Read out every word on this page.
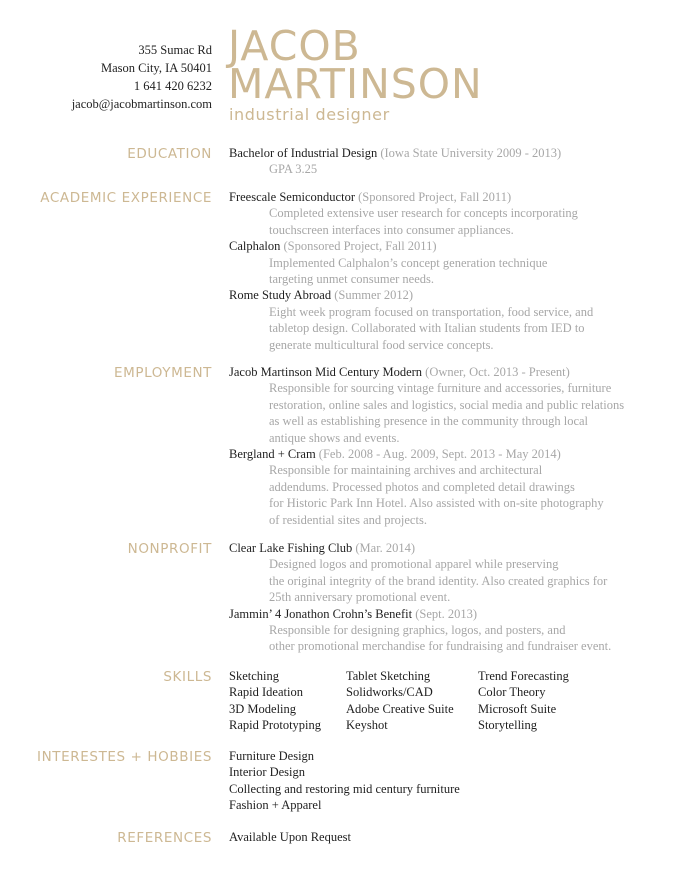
355 Sumac Rd
Mason City, IA 50401
1 641 420 6232
jacob@jacobmartinson.com
JACOB
MARTINSON
industrial designer
EDUCATION Bachelor of Industrial Design (Iowa State University 2009 - 2013)
GPA 3.25
ACADEMIC EXPERIENCE Freescale Semiconductor (Sponsored Project, Fall 2011)
Completed extensive user research for concepts incorporating
touchscreen interfaces into consumer appliances.
Calphalon (Sponsored Project, Fall 2011)
Implemented Calphalon’s concept generation technique
targeting unmet consumer needs.
Rome Study Abroad (Summer 2012)
Eight week program focused on transportation, food service, and
tabletop design. Collaborated with Italian students from IED to
generate multicultural food service concepts.
EMPLOYMENT Jacob Martinson Mid Century Modern (Owner, Oct. 2013 - Present)
Responsible for sourcing vintage furniture and accessories, furniture
restoration, online sales and logistics, social media and public relations
as well as establishing presence in the community through local
antique shows and events.
Bergland + Cram (Feb. 2008 - Aug. 2009, Sept. 2013 - May 2014)
Responsible for maintaining archives and architectural
addendums. Processed photos and completed detail drawings
for Historic Park Inn Hotel. Also assisted with on-site photography
of residential sites and projects.
NONPROFIT Clear Lake Fishing Club (Mar. 2014)
Designed logos and promotional apparel while preserving
the original integrity of the brand identity. Also created graphics for
25th anniversary promotional event.
Jammin’ 4 Jonathon Crohn’s Benefit (Sept. 2013)
Responsible for designing graphics, logos, and posters, and
other promotional merchandise for fundraising and fundraiser event.
SKILLS Sketching	Tablet Sketching	Trend Forecasting
Rapid Ideation	Solidworks/CAD	Color Theory
3D Modeling	Adobe Creative Suite	Microsoft Suite
Rapid Prototyping	Keyshot	Storytelling
INTERESTES + HOBBIES Furniture Design
Interior Design
Collecting and restoring mid century furniture
Fashion + Apparel
REFERENCES Available Upon Request
